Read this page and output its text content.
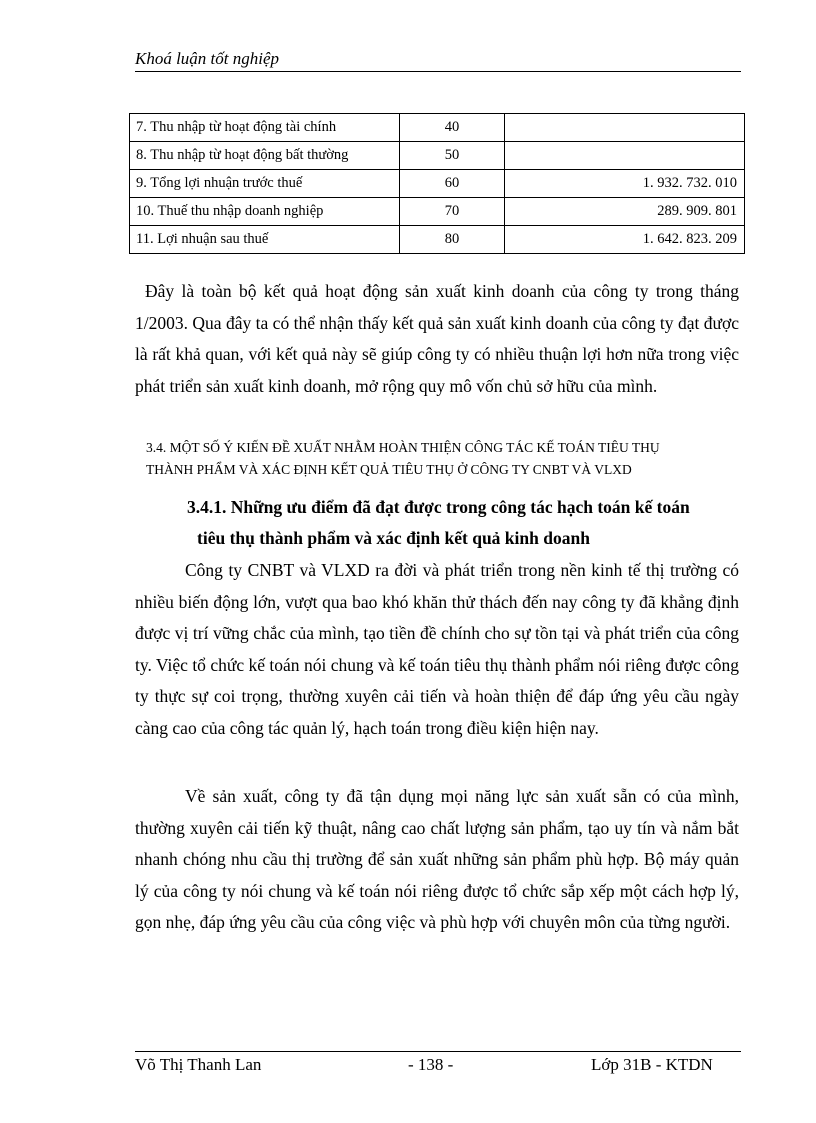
Khoá luận tốt nghiệp
7. Thu nhập từ hoạt động tài chính	40	
8. Thu nhập từ hoạt động bất thường	50	
9. Tổng lợi nhuận trước thuế	60	1. 932. 732. 010
10. Thuế thu nhập doanh nghiệp	70	289. 909. 801
11. Lợi nhuận sau thuế	80	1. 642. 823. 209

Đây là toàn bộ kết quả hoạt động sản xuất kinh doanh của công ty trong tháng 1/2003. Qua đây ta có thể nhận thấy kết quả sản xuất kinh doanh của công ty đạt được là rất khả quan, với kết quả này sẽ giúp công ty có nhiều thuận lợi hơn nữa trong việc phát triển sản xuất kinh doanh, mở rộng quy mô vốn chủ sở hữu của mình.

3.4. MỘT SỐ Ý KIẾN ĐỀ XUẤT NHẰM HOÀN THIỆN CÔNG TÁC KẾ TOÁN TIÊU THỤ
THÀNH PHẨM VÀ XÁC ĐỊNH KẾT QUẢ TIÊU THỤ Ở CÔNG TY CNBT VÀ VLXD
3.4.1. Những ưu điểm đã đạt được trong công tác hạch toán kế toán
tiêu thụ thành phẩm và xác định kết quả kinh doanh

Công ty CNBT và VLXD ra đời và phát triển trong nền kinh tế thị trường có nhiều biến động lớn, vượt qua bao khó khăn thử thách đến nay công ty đã khẳng định được vị trí vững chắc của mình, tạo tiền đề chính cho sự tồn tại và phát triển của công ty. Việc tổ chức kế toán nói chung và kế toán tiêu thụ thành phẩm nói riêng được công ty thực sự coi trọng, thường xuyên cải tiến và hoàn thiện để đáp ứng yêu cầu ngày càng cao của công tác quản lý, hạch toán trong điều kiện hiện nay.

Về sản xuất, công ty đã tận dụng mọi năng lực sản xuất sẵn có của mình, thường xuyên cải tiến kỹ thuật, nâng cao chất lượng sản phẩm, tạo uy tín và nắm bắt nhanh chóng nhu cầu thị trường để sản xuất những sản phẩm phù hợp. Bộ máy quản lý của công ty nói chung và kế toán nói riêng được tổ chức sắp xếp một cách hợp lý, gọn nhẹ, đáp ứng yêu cầu của công việc và phù hợp với chuyên môn của từng người.

Võ Thị Thanh Lan	- 138 -	Lớp 31B - KTDN
